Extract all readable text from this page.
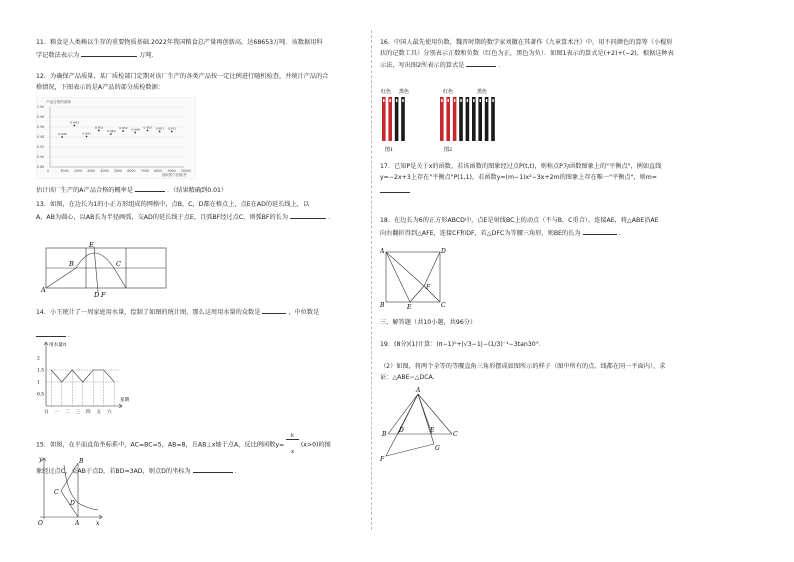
11．粮食是人类赖以生存的重要物质基础.2022年我国粮食总产量再创新高，达68653万吨．该数据用科
学记数法表示为	万吨．
12．为确保产品质量，某厂质检部门定期对该厂生产的各类产品按一定比例进行随机检查，并统计产品的合
格情况，下图表示的是A产品的部分质检数据：
产品合格的频率
抽取的产品数/件
1.00
0.98
0.96
0.94
0.92
0.90
0.88
0	1000 2000 3000 4000 5000 6000 7000 8000 9000 10000
0.940
0.963
0.941
0.953
0.946
0.952 0.949 0.953 0.951 0.951
估计该厂生产的A产品合格的概率是	．（结果精确到0.01）
13．如图，在边长为1的小正方形组成的网格中，点B，C，D都在格点上，点E在AD的延长线上，以
A，AB为圆心，以AB长为半径画弧，交AD的延长线于点E，且弧BF经过点C，则弧BF的长为	．
A
B
E
C
D F
14．小王统计了一周家庭用水量，绘制了如图的统计图，那么这周用水量的众数是	，中位数是
．
用水量/t
星期
2
1.5
1
0.5
日 一 二 三 四 五 六
15．如图，在平面直角坐标系中，AC=BC=5，AB=8，且AB⊥x轴于点A，反比例函数y=
$\frac{k}{x} (x>0)$的图
象经过点C，交AB于点D，若BD=3AD，则点D的坐标为	．
y
x
O	A
B
C
D
16．中国人最先使用负数，魏晋时期的数学家刘徽在其著作《九章算术注》中，用不同颜色的算筹（小棍形
状的记数工具）分别表示正数和负数（红色为正，黑色为负）．如图1表示的算式是(+2)+(−2)，根据这种表
示法，写出图2所表示的算式是	．
红色 黑色
图1
红色	黑色
图2
17．已知P是关于x的函数，若该函数的图象经过点P(t,t)，则称点P为函数图象上的"平衡点"，例如直线
y=−2x+3上存在"平衡点"P(1,1)，若函数y=(m−1)x²−3x+2m的图象上存在唯一"平衡点"，则m=
18．在边长为6的正方形ABCD中，点E是射线BC上的动点（不与B，C重合），连接AE，将△ABE沿AE
向右翻折得到△AFE，连接CF和DF，若△DFC为等腰三角形，则BE的长为	．
A	D
F
B	E	C
三、解答题（共10小题，共96分）
19．(8分)(1)计算：(π−1)⁰+|√3−1|−(1/3)⁻¹−3tan30°．
（2）如图，将两个全等的等腰直角三角形摆成如图所示的样子（图中所有的点、线都在同一平面内），求
证：△ABE∽△DCA．
A
B
D	E
C
F
G
